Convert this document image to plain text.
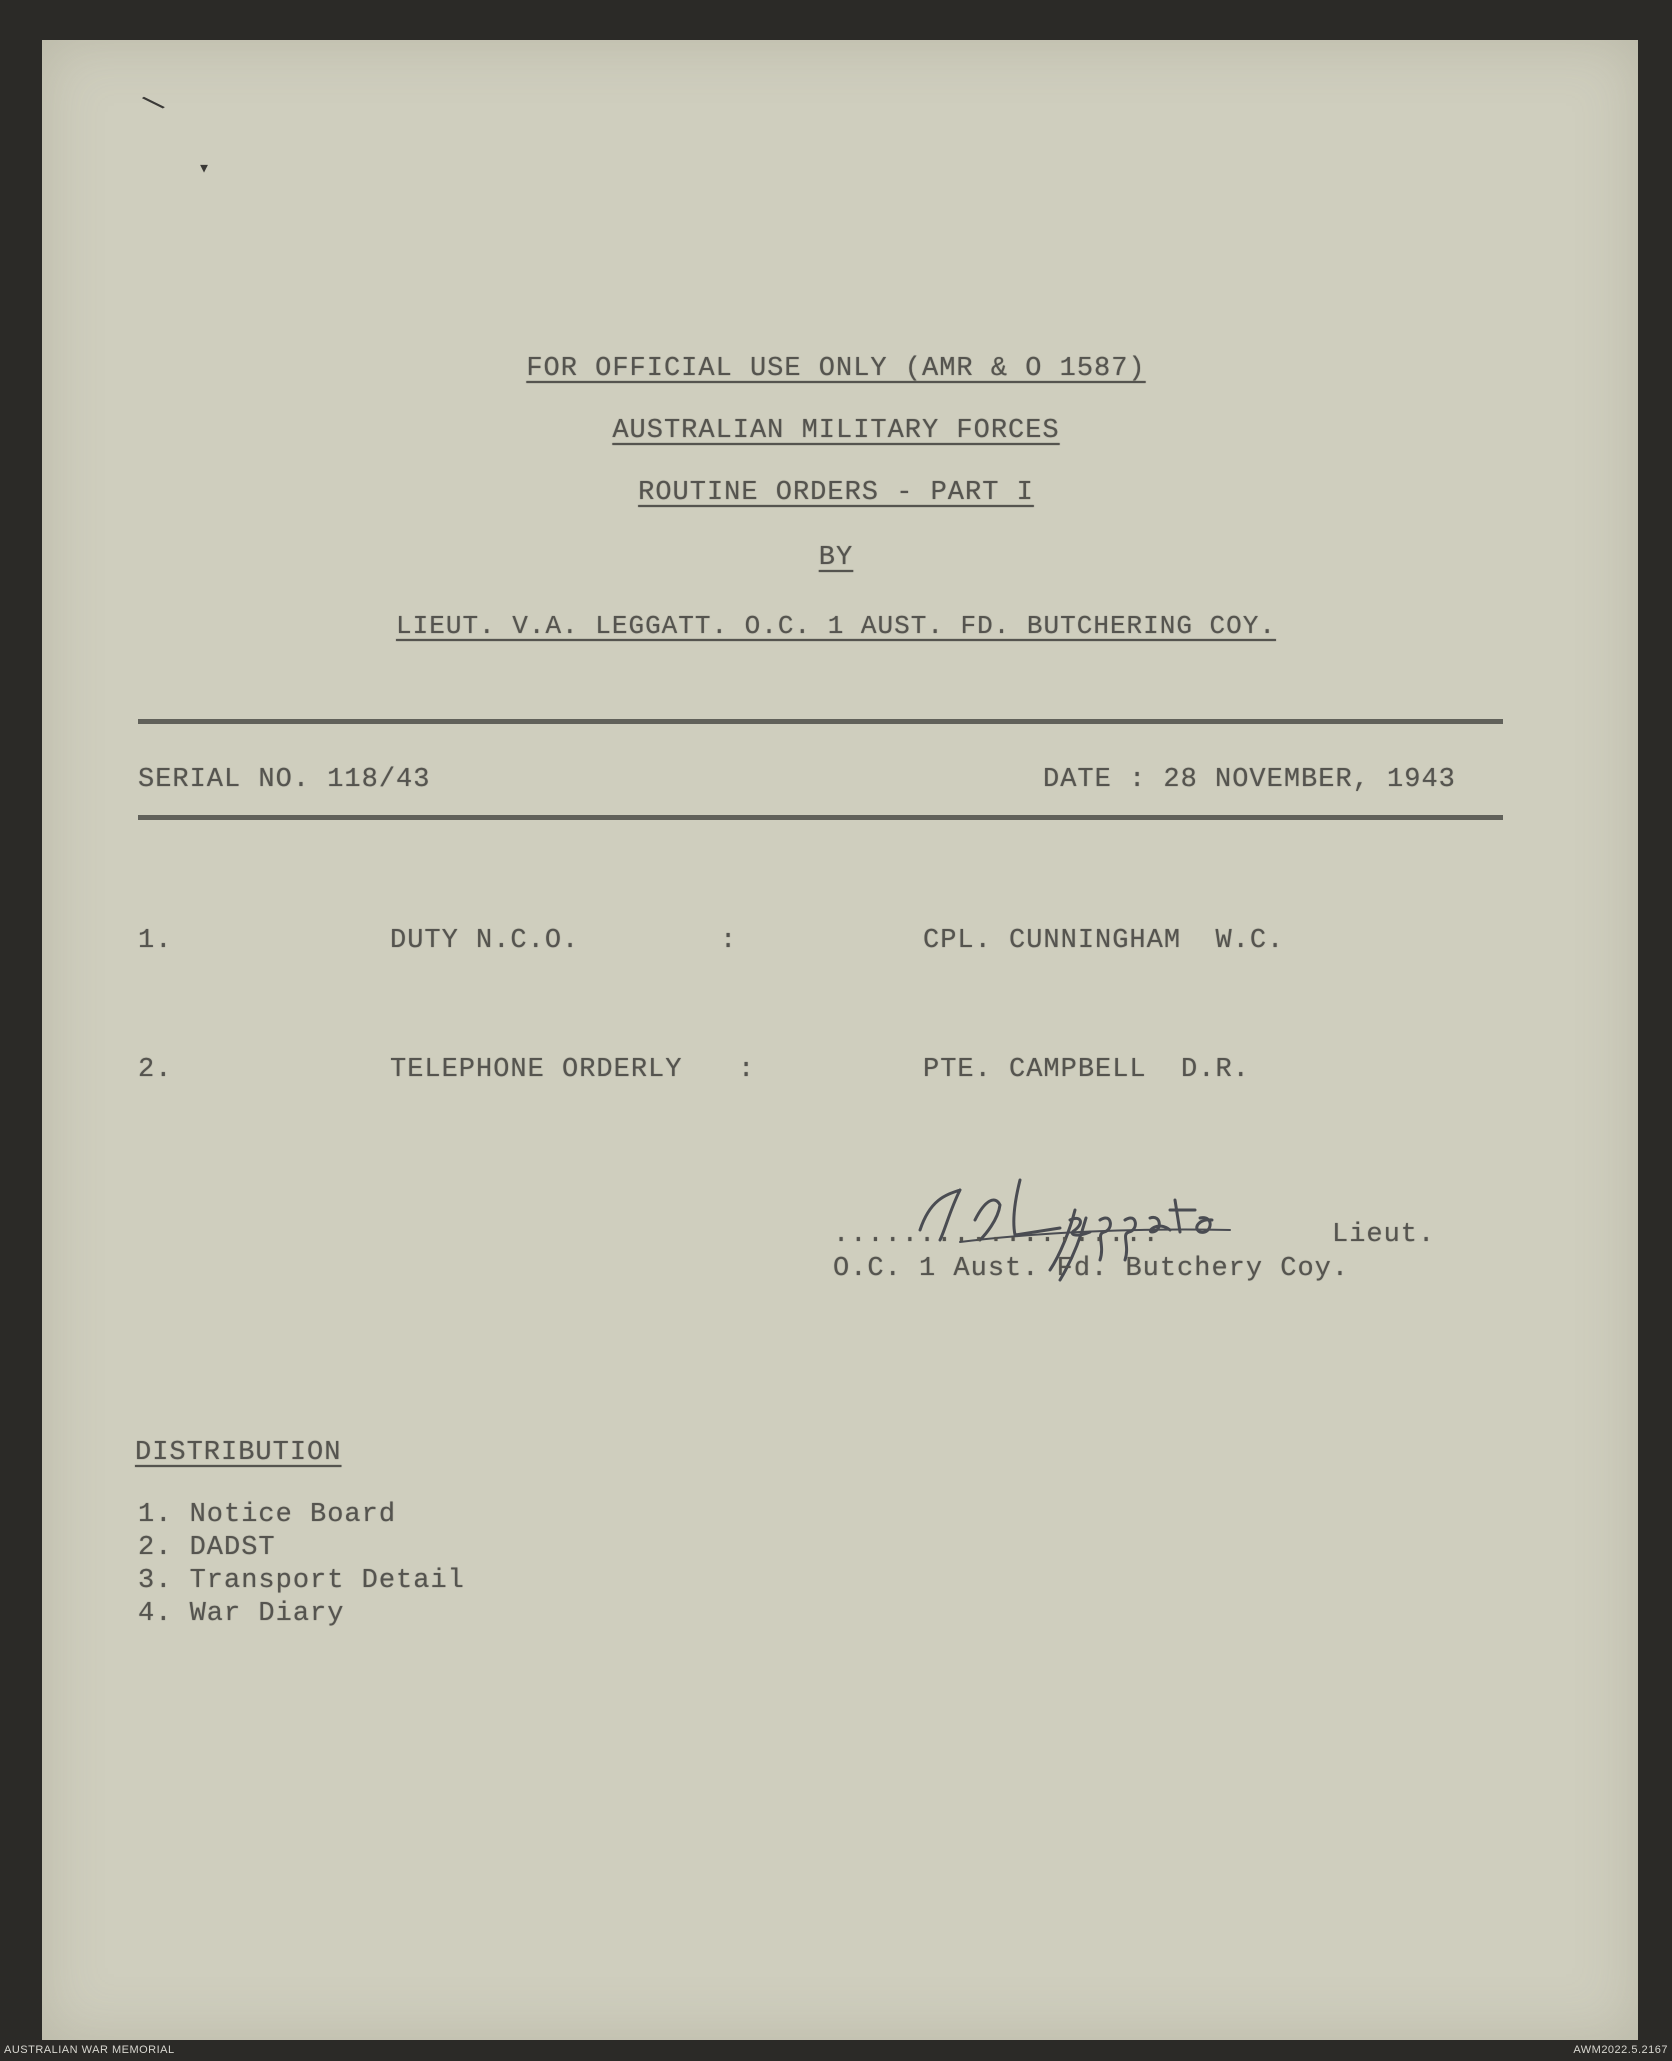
\
▾
FOR OFFICIAL USE ONLY (AMR & O 1587)
AUSTRALIAN MILITARY FORCES
ROUTINE ORDERS - PART I
BY
LIEUT. V.A. LEGGATT. O.C. 1 AUST. FD. BUTCHERING COY.
SERIAL NO. 118/43	DATE : 28 NOVEMBER, 1943
1.	DUTY N.C.O.	:	CPL. CUNNINGHAM  W.C.
2.	TELEPHONE ORDERLY :	PTE. CAMPBELL  D.R.
...................	Lieut.
O.C. 1 Aust. Fd. Butchery Coy.
DISTRIBUTION
1. Notice Board
2. DADST
3. Transport Detail
4. War Diary
AUSTRALIAN WAR MEMORIAL	AWM2022.5.2167
